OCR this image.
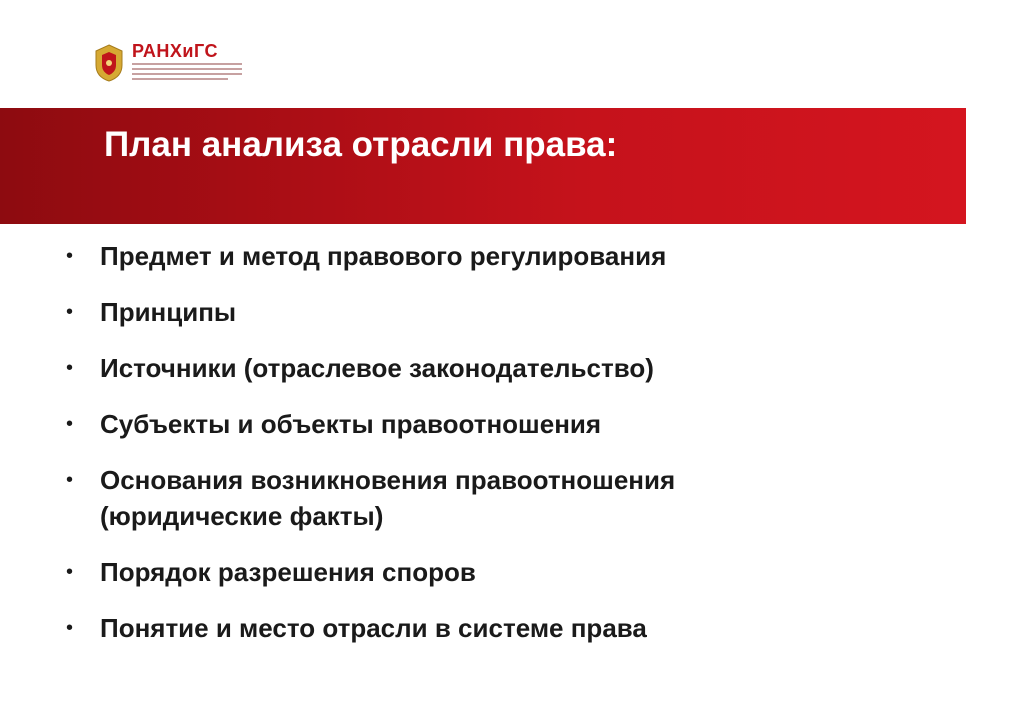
РАНХиГС
План анализа отрасли права:
•	Предмет и метод правового регулирования
•	Принципы
•	Источники (отраслевое законодательство)
•	Субъекты и объекты правоотношения
•	Основания возникновения правоотношения (юридические факты)
•	Порядок разрешения споров
•	Понятие и место отрасли в системе права
